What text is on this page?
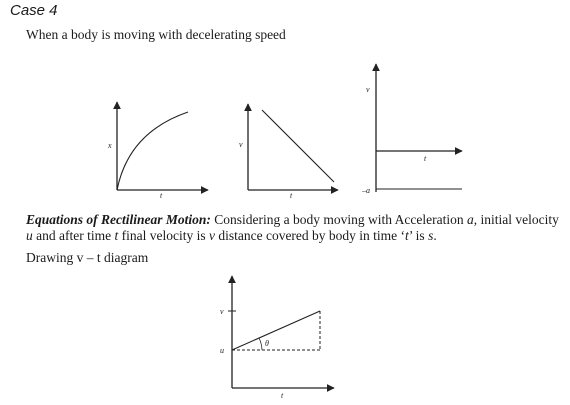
Case 4
When a body is moving with decelerating speed
x
t
v
t
v
t
–a
v
u
θ
t
Equations of Rectilinear Motion: Considering a body moving with Acceleration a, initial velocity u and after time t final velocity is v distance covered by body in time ‘t’ is s.
Drawing v – t diagram
